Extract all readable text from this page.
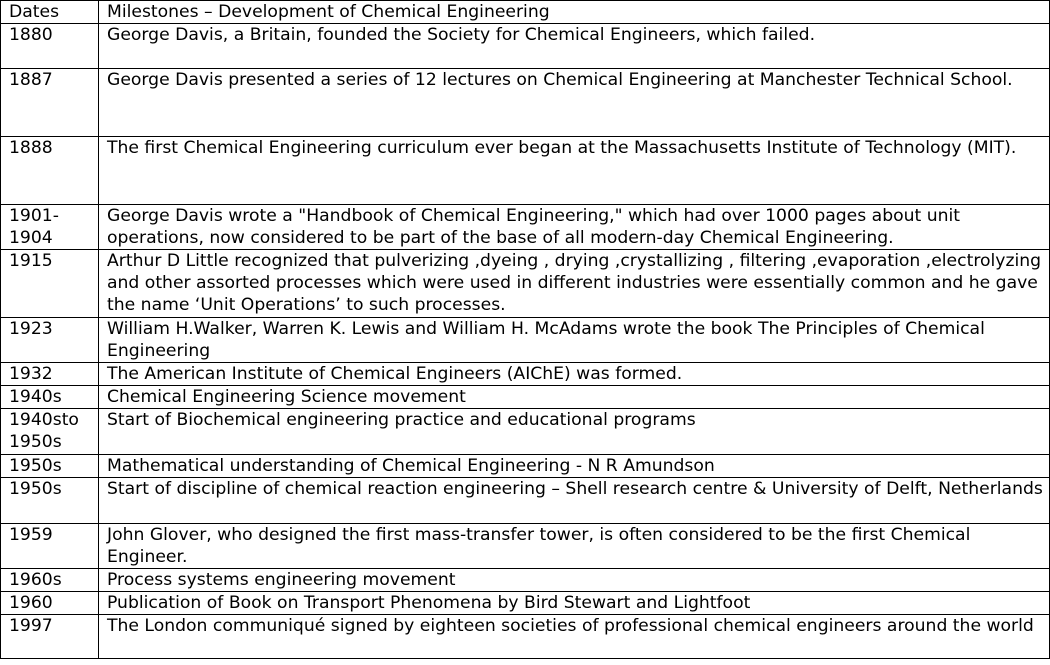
Dates	Milestones – Development of Chemical Engineering
1880	George Davis, a Britain, founded the Society for Chemical Engineers, which failed.
1887	George Davis presented a series of 12 lectures on Chemical Engineering at Manchester Technical School.
1888	The first Chemical Engineering curriculum ever began at the Massachusetts Institute of Technology (MIT).
1901-1904	George Davis wrote a "Handbook of Chemical Engineering," which had over 1000 pages about unit operations, now considered to be part of the base of all modern-day Chemical Engineering.
1915	Arthur D Little recognized that pulverizing ,dyeing , drying ,crystallizing , filtering ,evaporation ,electrolyzing and other assorted processes which were used in different industries were essentially common and he gave the name ‘Unit Operations’ to such processes.
1923	William H.Walker, Warren K. Lewis and William H. McAdams wrote the book The Principles of Chemical Engineering
1932	The American Institute of Chemical Engineers (AIChE) was formed.
1940s	Chemical Engineering Science movement
1940sto 1950s	Start of Biochemical engineering practice and educational programs
1950s	Mathematical understanding of Chemical Engineering - N R Amundson
1950s	Start of discipline of chemical reaction engineering – Shell research centre & University of Delft, Netherlands
1959	John Glover, who designed the first mass-transfer tower, is often considered to be the first Chemical Engineer.
1960s	Process systems engineering movement
1960	Publication of Book on Transport Phenomena by Bird Stewart and Lightfoot
1997	The London communiqué signed by eighteen societies of professional chemical engineers around the world
